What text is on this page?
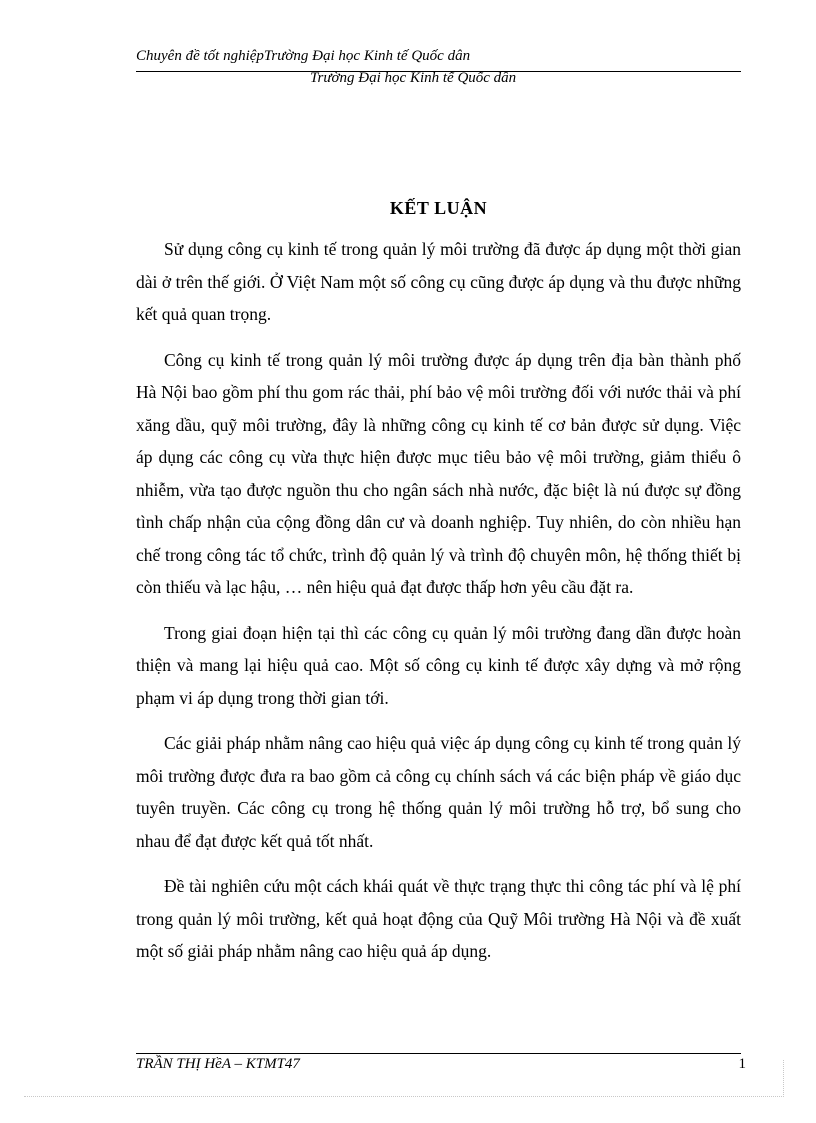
Chuyên đề tốt nghiệpTrường Đại học Kinh tế Quốc dân
Trường Đại học Kinh tế Quốc dân
KẾT LUẬN

Sử dụng công cụ kinh tế trong quản lý môi trường đã được áp dụng một thời gian dài ở trên thế giới. Ở Việt Nam một số công cụ cũng được áp dụng và thu được những kết quả quan trọng.

Công cụ kinh tế trong quản lý môi trường được áp dụng trên địa bàn thành phố Hà Nội bao gồm phí thu gom rác thải, phí bảo vệ môi trường đối với nước thải và phí xăng dầu, quỹ môi trường, đây là những công cụ kinh tế cơ bản được sử dụng. Việc áp dụng các công cụ vừa thực hiện được mục tiêu bảo vệ môi trường, giảm thiểu ô nhiễm, vừa tạo được nguồn thu cho ngân sách nhà nước, đặc biệt là nú được sự đồng tình chấp nhận của cộng đồng dân cư và doanh nghiệp. Tuy nhiên, do còn nhiều hạn chế trong công tác tổ chức, trình độ quản lý và trình độ chuyên môn, hệ thống thiết bị còn thiếu và lạc hậu, … nên hiệu quả đạt được thấp hơn yêu cầu đặt ra.

Trong giai đoạn hiện tại thì các công cụ quản lý môi trường đang dần được hoàn thiện và mang lại hiệu quả cao. Một số công cụ kinh tế được xây dựng và mở rộng phạm vi áp dụng trong thời gian tới.

Các giải pháp nhằm nâng cao hiệu quả việc áp dụng công cụ kinh tế trong quản lý môi trường được đưa ra bao gồm cả công cụ chính sách vá các biện pháp về giáo dục tuyên truyền. Các công cụ trong hệ thống quản lý môi trường hỗ trợ, bổ sung cho nhau để đạt được kết quả tốt nhất.

Đề tài nghiên cứu một cách khái quát về thực trạng thực thi công tác phí và lệ phí trong quản lý môi trường, kết quả hoạt động của Quỹ Môi trường Hà Nội và đề xuất một số giải pháp nhằm nâng cao hiệu quả áp dụng.

TRẦN THỊ HềA – KTMT47	1
